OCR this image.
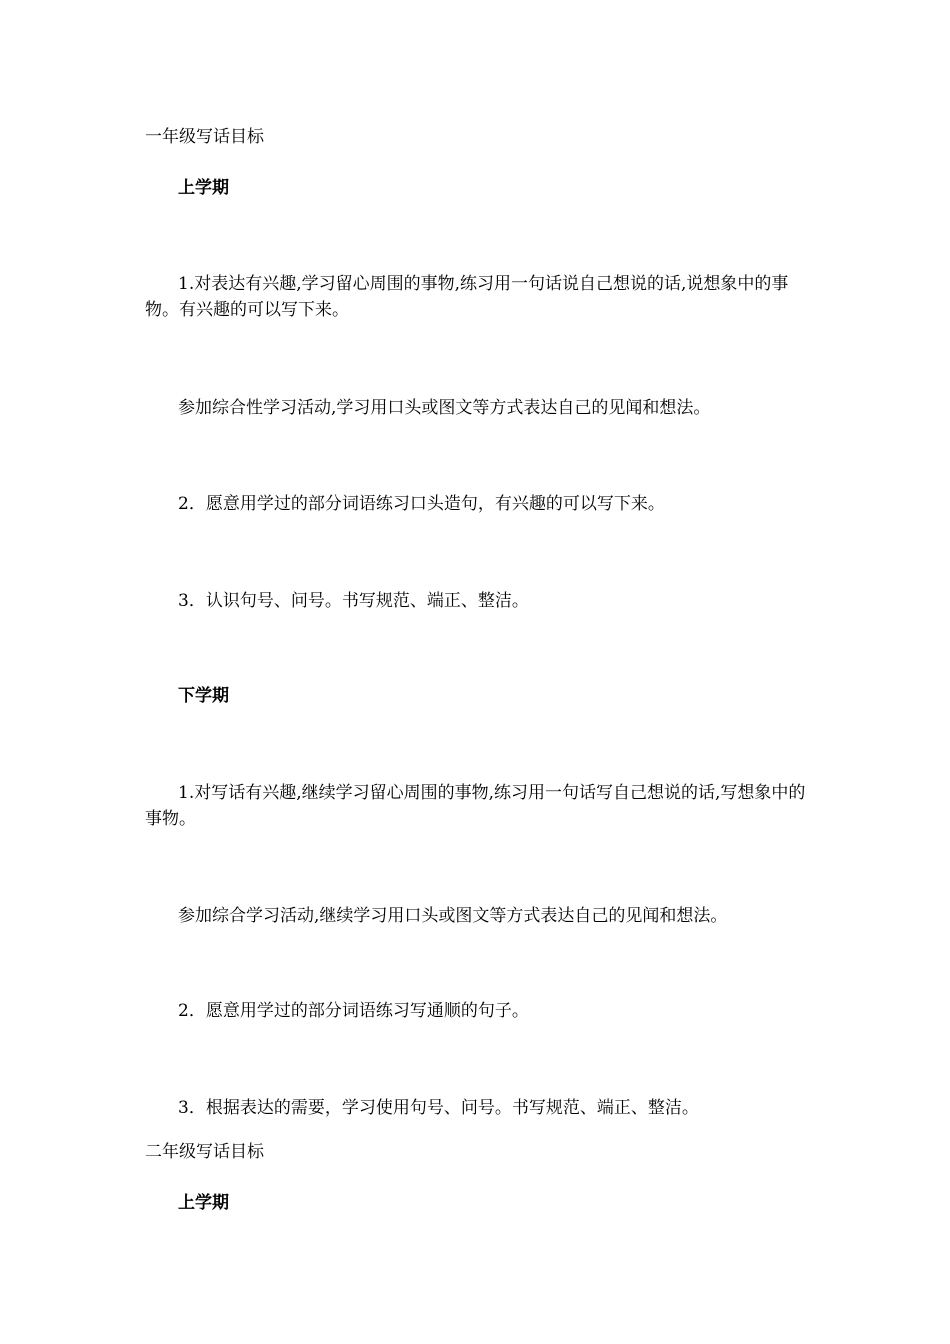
一年级写话目标
上学期
1.对表达有兴趣,学习留心周围的事物,练习用一句话说自己想说的话,说想象中的事物。有兴趣的可以写下来。
参加综合性学习活动,学习用口头或图文等方式表达自己的见闻和想法。
2．愿意用学过的部分词语练习口头造句，有兴趣的可以写下来。
3．认识句号、问号。书写规范、端正、整洁。
下学期
1.对写话有兴趣,继续学习留心周围的事物,练习用一句话写自己想说的话,写想象中的事物。
参加综合学习活动,继续学习用口头或图文等方式表达自己的见闻和想法。
2．愿意用学过的部分词语练习写通顺的句子。
3．根据表达的需要，学习使用句号、问号。书写规范、端正、整洁。
二年级写话目标
上学期
